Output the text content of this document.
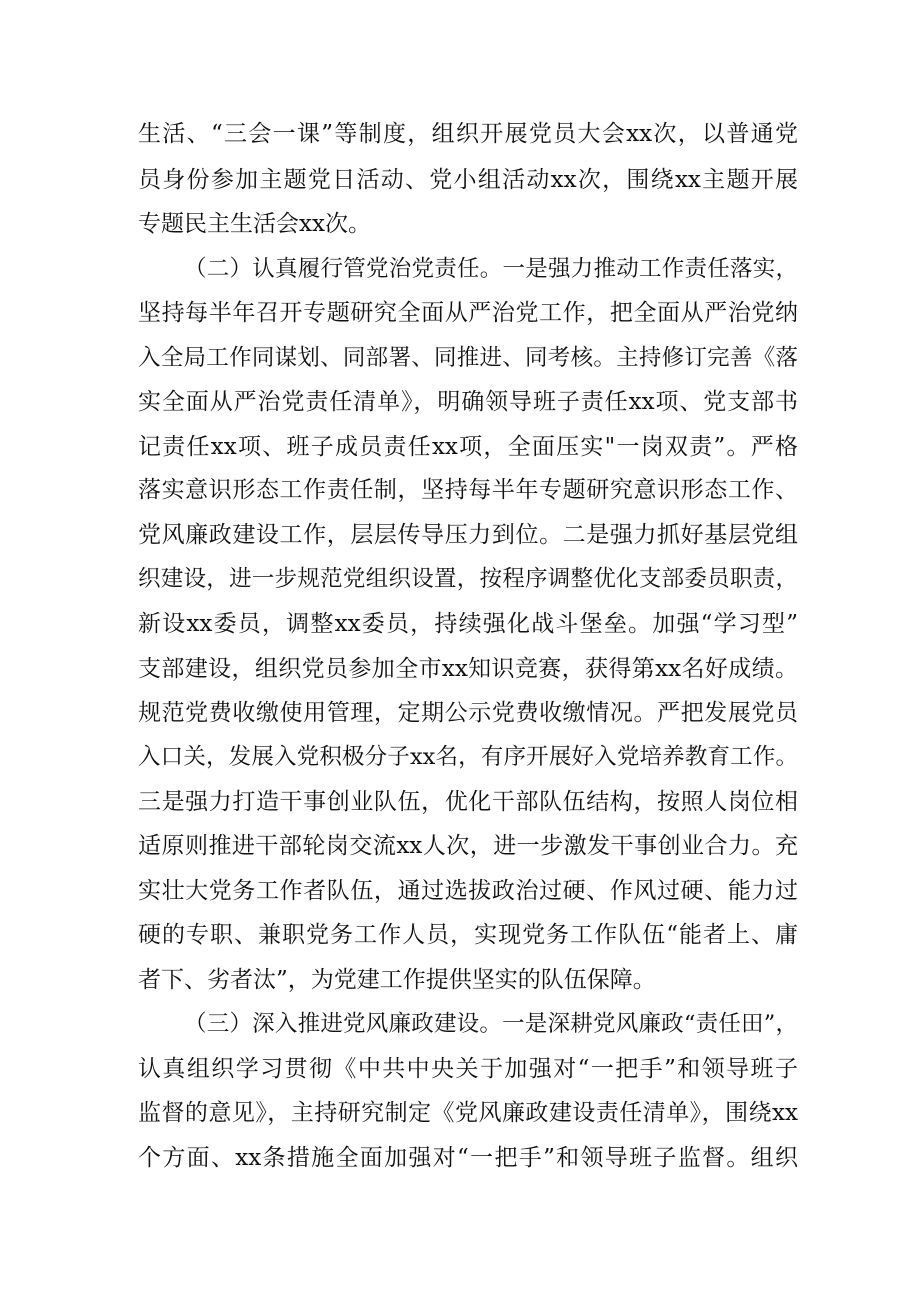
生活、“三会一课”等制度，组织开展党员大会xx次，以普通党
员身份参加主题党日活动、党小组活动xx次，围绕xx主题开展
专题民主生活会xx次。
（二）认真履行管党治党责任。一是强力推动工作责任落实，
坚持每半年召开专题研究全面从严治党工作，把全面从严治党纳
入全局工作同谋划、同部署、同推进、同考核。主持修订完善《落
实全面从严治党责任清单》，明确领导班子责任xx项、党支部书
记责任xx项、班子成员责任xx项，全面压实"一岗双责”。严格
落实意识形态工作责任制，坚持每半年专题研究意识形态工作、
党风廉政建设工作，层层传导压力到位。二是强力抓好基层党组
织建设，进一步规范党组织设置，按程序调整优化支部委员职责，
新设xx委员，调整xx委员，持续强化战斗堡垒。加强“学习型”
支部建设，组织党员参加全市xx知识竞赛，获得第xx名好成绩。
规范党费收缴使用管理，定期公示党费收缴情况。严把发展党员
入口关，发展入党积极分子xx名，有序开展好入党培养教育工作。
三是强力打造干事创业队伍，优化干部队伍结构，按照人岗位相
适原则推进干部轮岗交流xx人次，进一步激发干事创业合力。充
实壮大党务工作者队伍，通过选拔政治过硬、作风过硬、能力过
硬的专职、兼职党务工作人员，实现党务工作队伍“能者上、庸
者下、劣者汰”，为党建工作提供坚实的队伍保障。
（三）深入推进党风廉政建设。一是深耕党风廉政“责任田”，
认真组织学习贯彻《中共中央关于加强对“一把手”和领导班子
监督的意见》，主持研究制定《党风廉政建设责任清单》，围绕xx
个方面、xx条措施全面加强对“一把手”和领导班子监督。组织
